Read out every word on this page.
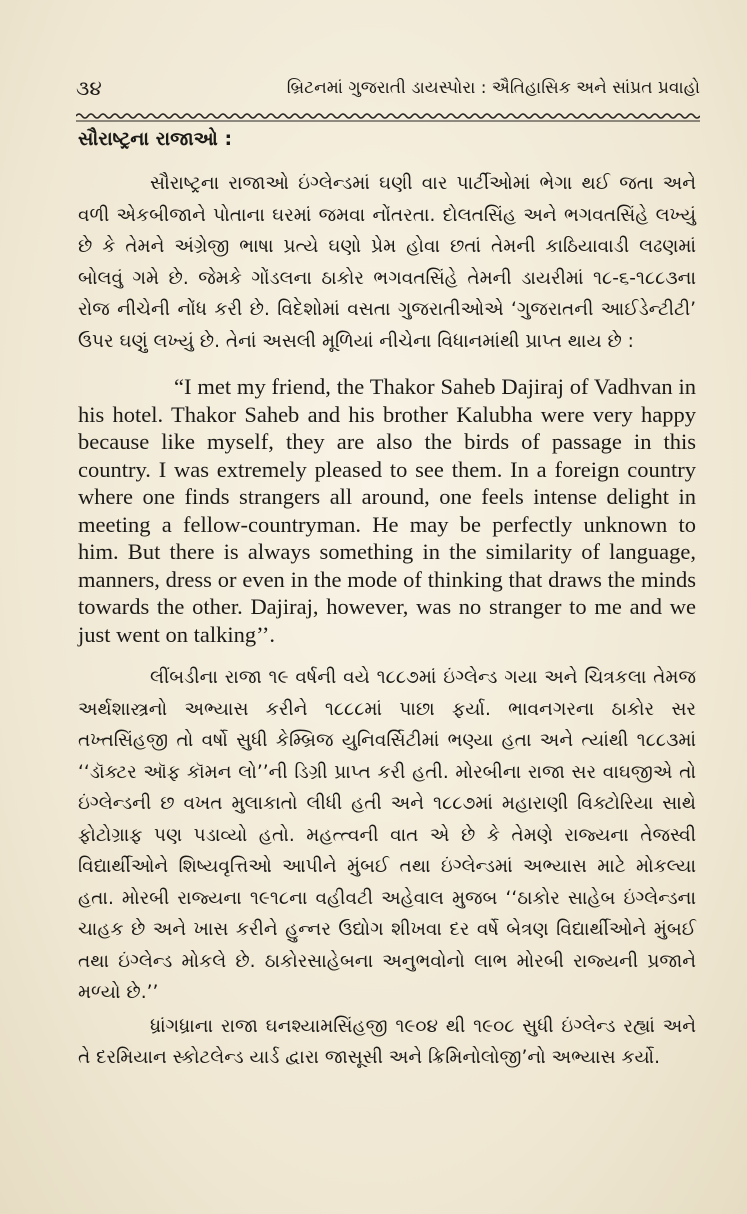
૩૪	બ્રિટનમાં ગુજરાતી ડાયસ્પોરા : ઐતિહાસિક અને સાંપ્રત પ્રવાહો
સૌરાષ્ટ્રના રાજાઓ :

સૌરાષ્ટ્રના રાજાઓ ઇંગ્લેન્ડમાં ઘણી વાર પાર્ટીઓમાં ભેગા થઈ જતા અને વળી એકબીજાને પોતાના ઘરમાં જમવા નોંતરતા. દોલતસિંહ અને ભગવતસિંહે લખ્યું છે કે તેમને અંગ્રેજી ભાષા પ્રત્યે ઘણો પ્રેમ હોવા છતાં તેમની કાઠિયાવાડી લઢણમાં બોલવું ગમે છે. જેમકે ગોંડલના ઠાકોર ભગવતસિંહે તેમની ડાયરીમાં ૧૮-૬-૧૮૮૩ના રોજ નીચેની નોંધ કરી છે. વિદેશોમાં વસતા ગુજરાતીઓએ ‘ગુજરાતની આઈડેન્ટીટી’ ઉપર ઘણું લખ્યું છે. તેનાં અસલી મૂળિયાં નીચેના વિધાનમાંથી પ્રાપ્ત થાય છે :

“I met my friend, the Thakor Saheb Dajiraj of Vadhvan in his hotel. Thakor Saheb and his brother Kalubha were very happy because like myself, they are also the birds of passage in this country. I was extremely pleased to see them. In a foreign country where one finds strangers all around, one feels intense delight in meeting a fellow-countryman. He may be perfectly unknown to him. But there is always something in the similarity of language, manners, dress or even in the mode of thinking that draws the minds towards the other. Dajiraj, however, was no stranger to me and we just went on talking’’.

લીંબડીના રાજા ૧૯ વર્ષની વયે ૧૮૮૭માં ઇંગ્લેન્ડ ગયા અને ચિત્રકલા તેમજ અર્થશાસ્ત્રનો અભ્યાસ કરીને ૧૮૮૮માં પાછા ફર્યા. ભાવનગરના ઠાકોર સર તખ્તસિંહજી તો વર્ષો સુધી કેમ્બ્રિજ યુનિવર્સિટીમાં ભણ્યા હતા અને ત્યાંથી ૧૮૮૩માં ‘‘ડૉક્ટર ઑફ કૉમન લો’’ની ડિગ્રી પ્રાપ્ત કરી હતી. મોરબીના રાજા સર વાઘજીએ તો ઇંગ્લેન્ડની છ વખત મુલાકાતો લીધી હતી અને ૧૮૮૭માં મહારાણી વિક્ટોરિયા સાથે ફોટોગ્રાફ પણ પડાવ્યો હતો. મહત્ત્વની વાત એ છે કે તેમણે રાજ્યના તેજસ્વી વિદ્યાર્થીઓને શિષ્યવૃત્તિઓ આપીને મુંબઈ તથા ઇંગ્લેન્ડમાં અભ્યાસ માટે મોકલ્યા હતા. મોરબી રાજ્યના ૧૯૧૮ના વહીવટી અહેવાલ મુજબ ‘‘ઠાકોર સાહેબ ઇંગ્લેન્ડના ચાહક છે અને ખાસ કરીને હુન્નર ઉદ્યોગ શીખવા દર વર્ષે બેત્રણ વિદ્યાર્થીઓને મુંબઈ તથા ઇંગ્લેન્ડ મોકલે છે. ઠાકોરસાહેબના અનુભવોનો લાભ મોરબી રાજ્યની પ્રજાને મળ્યો છે.’’

ધ્રાંગધ્રાના રાજા ઘનશ્યામસિંહજી ૧૯૦૪ થી ૧૯૦૮ સુધી ઇંગ્લેન્ડ રહ્યાં અને તે દરમિયાન સ્કોટલેન્ડ યાર્ડ દ્વારા જાસૂસી અને ક્રિમિનોલોજી’નો અભ્યાસ કર્યો.
